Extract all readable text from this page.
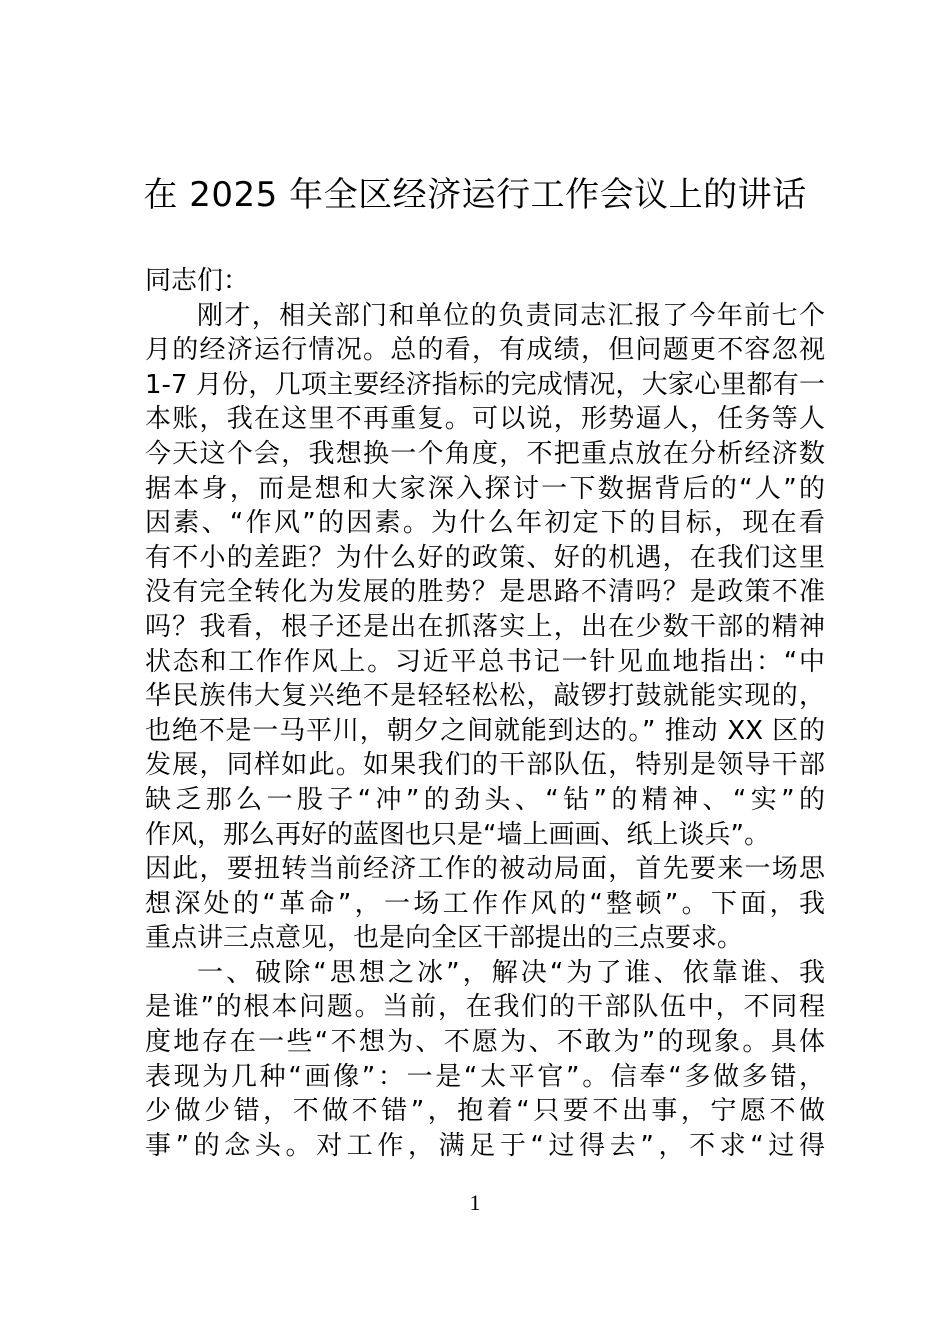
在 2025 年全区经济运行工作会议上的讲话
同志们：
刚才，相关部门和单位的负责同志汇报了今年前七个
月的经济运行情况。总的看，有成绩，但问题更不容忽视
1-7 月份，几项主要经济指标的完成情况，大家心里都有一
本账，我在这里不再重复。可以说，形势逼人，任务等人
今天这个会，我想换一个角度，不把重点放在分析经济数
据本身，而是想和大家深入探讨一下数据背后的“人”的
因素、“作风”的因素。为什么年初定下的目标，现在看
有不小的差距？为什么好的政策、好的机遇，在我们这里
没有完全转化为发展的胜势？是思路不清吗？是政策不准
吗？我看，根子还是出在抓落实上，出在少数干部的精神
状态和工作作风上。习近平总书记一针见血地指出：“中
华民族伟大复兴绝不是轻轻松松，敲锣打鼓就能实现的，
也绝不是一马平川，朝夕之间就能到达的。” 推动 XX 区的
发展，同样如此。如果我们的干部队伍，特别是领导干部
缺乏那么一股子“冲”的劲头、“钻”的精神、“实”的
作风，那么再好的蓝图也只是“墙上画画、纸上谈兵”。
因此，要扭转当前经济工作的被动局面，首先要来一场思
想深处的“革命”，一场工作作风的“整顿”。下面，我
重点讲三点意见，也是向全区干部提出的三点要求。
一、破除“思想之冰”，解决“为了谁、依靠谁、我
是谁”的根本问题。当前，在我们的干部队伍中，不同程
度地存在一些“不想为、不愿为、不敢为”的现象。具体
表现为几种“画像”：一是“太平官”。信奉“多做多错，
少做少错，不做不错”，抱着“只要不出事，宁愿不做
事”的念头。对工作，满足于“过得去”，不求“过得
1
